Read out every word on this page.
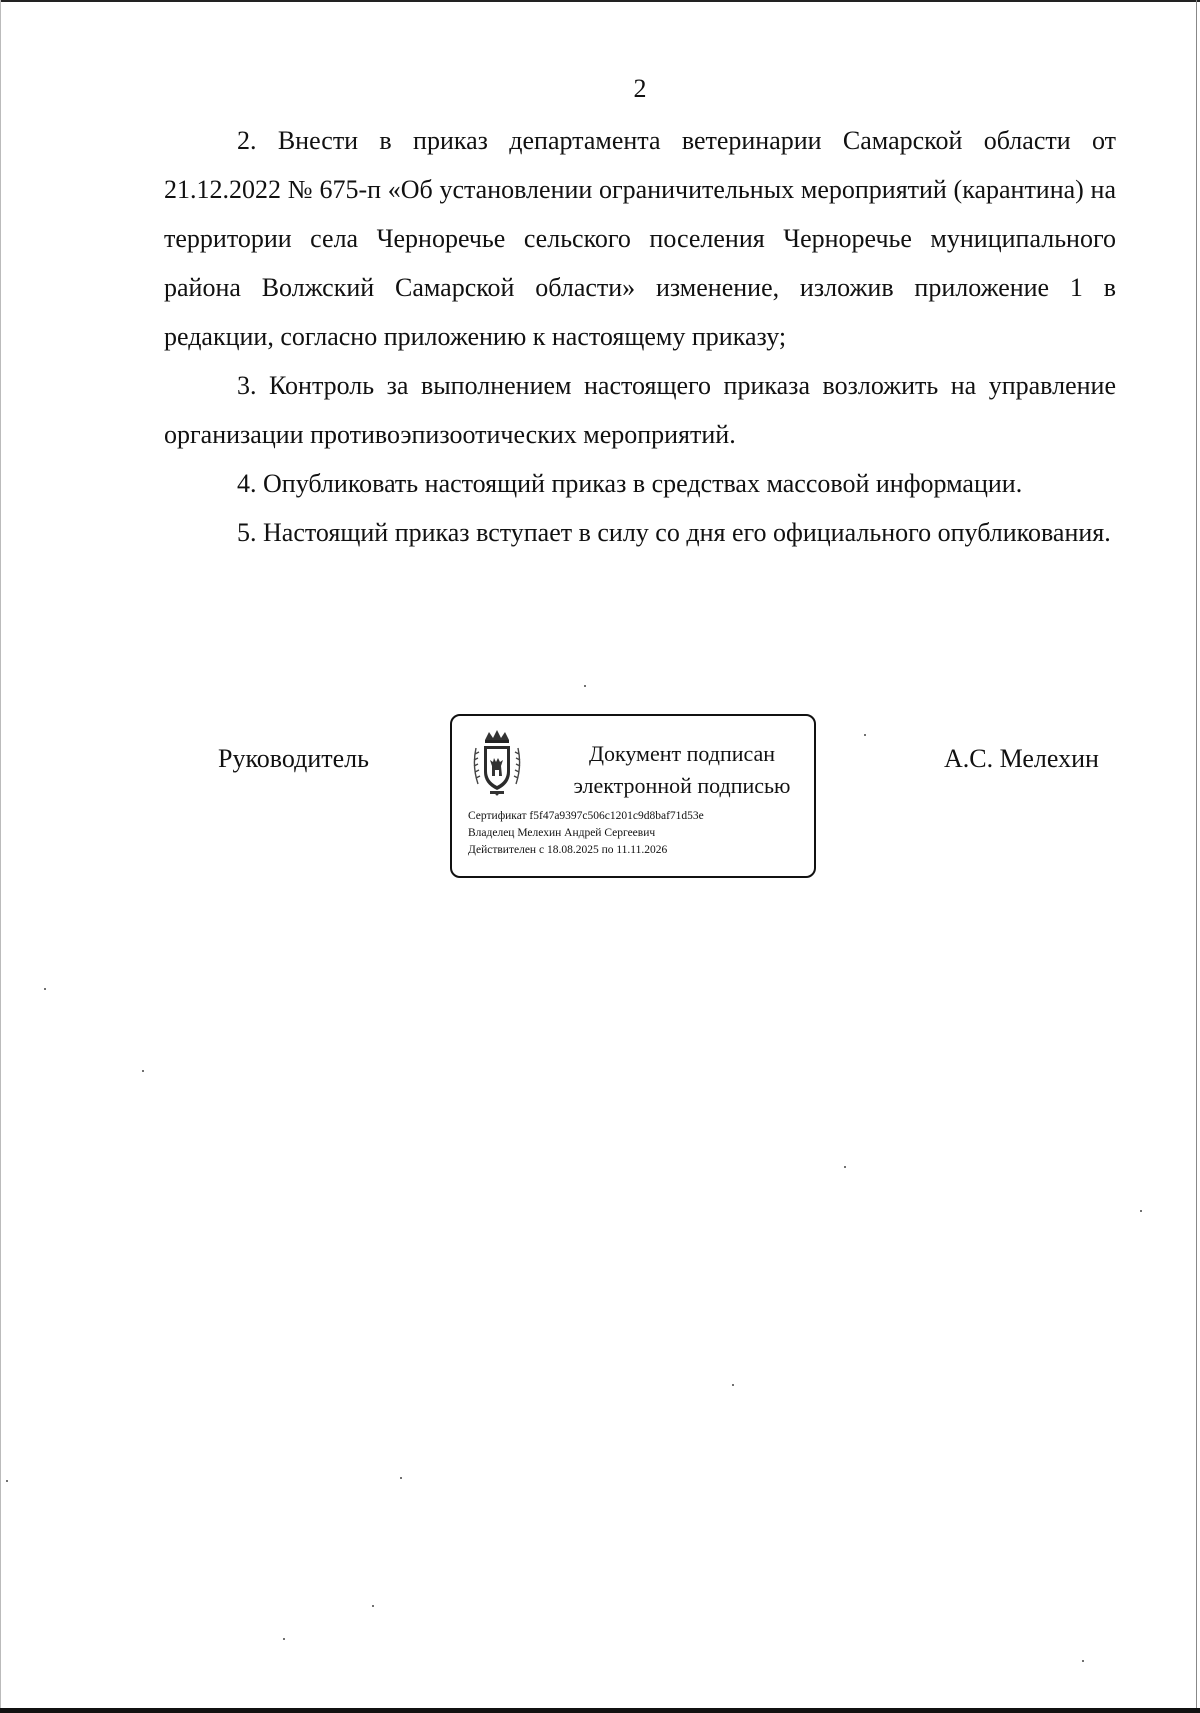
2

2. Внести в приказ департамента ветеринарии Самарской области от 21.12.2022 № 675-п «Об установлении ограничительных мероприятий (карантина) на территории села Черноречье сельского поселения Черноречье муниципального района Волжский Самарской области» изменение, изложив приложение 1 в редакции, согласно приложению к настоящему приказу;

3. Контроль за выполнением настоящего приказа возложить на управление организации противоэпизоотических мероприятий.

4. Опубликовать настоящий приказ в средствах массовой информации.

5. Настоящий приказ вступает в силу со дня его официального опубликования.

Руководитель	Документ подписан
электронной подписью
Сертификат f5f47a9397c506c1201c9d8baf71d53e
Владелец Мелехин Андрей Сергеевич
Действителен с 18.08.2025 по 11.11.2026
А.С. Мелехин
